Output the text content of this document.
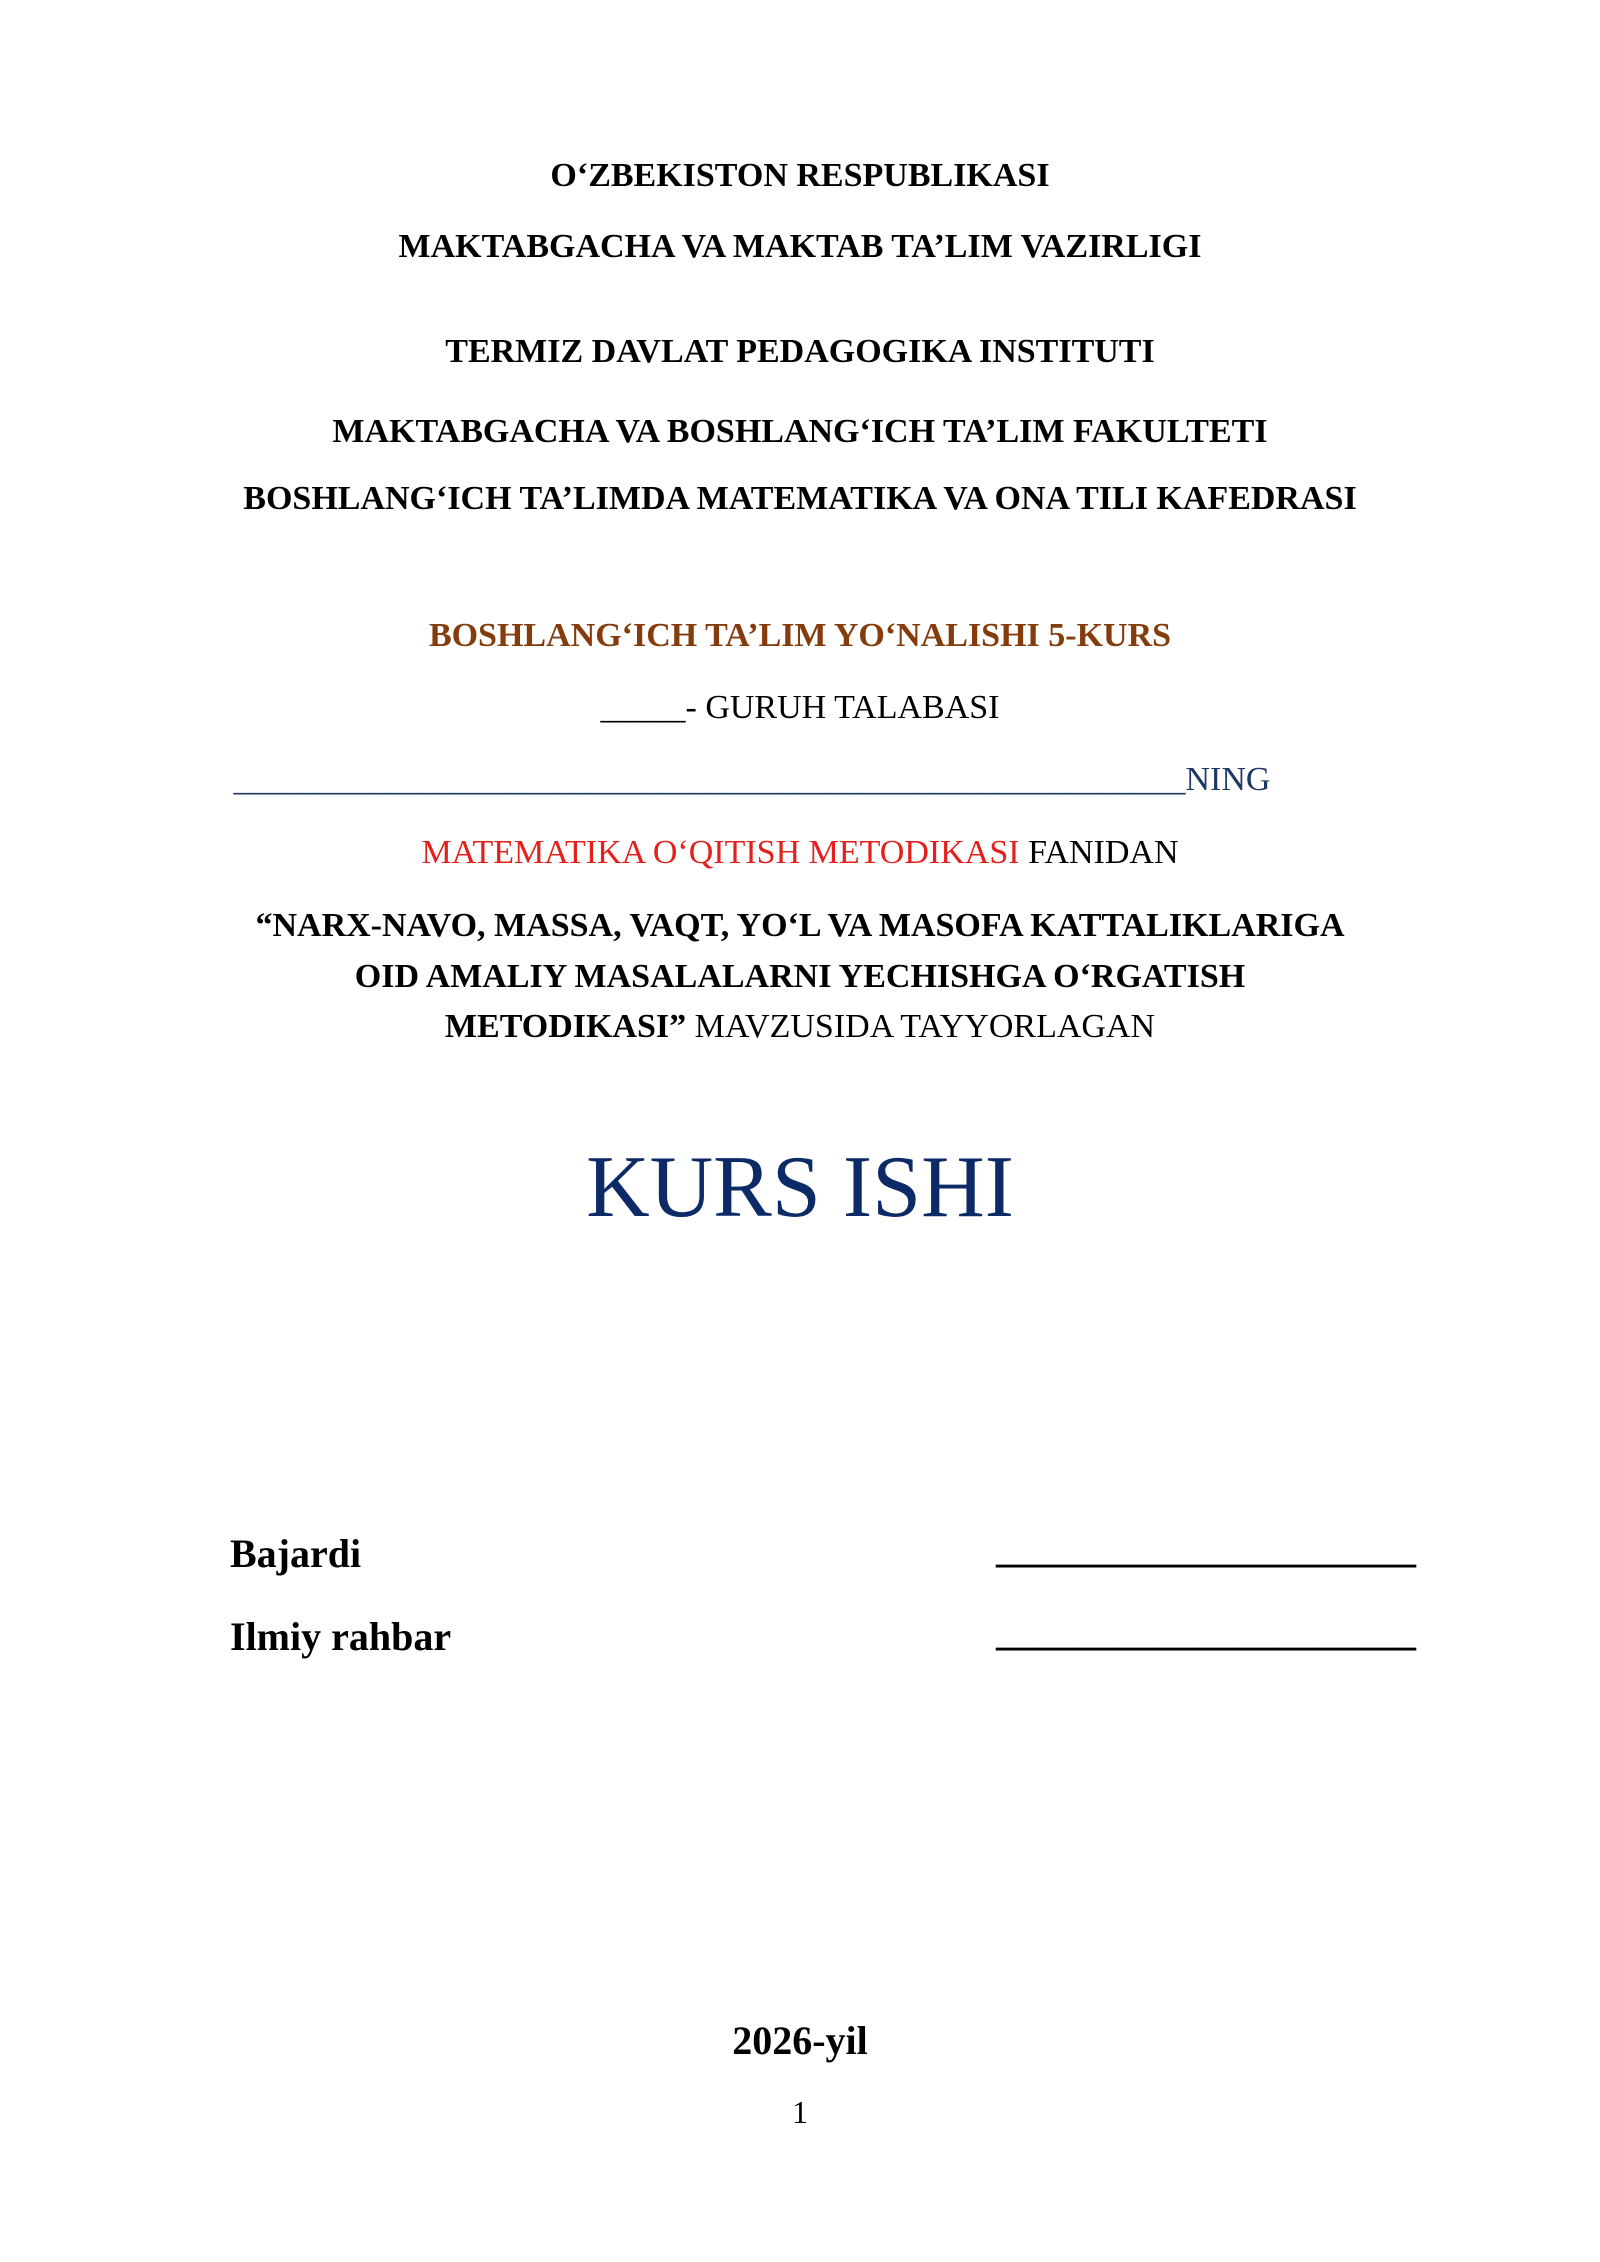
O‘ZBEKISTON RESPUBLIKASI
MAKTABGACHA VA MAKTAB TA’LIM VAZIRLIGI
TERMIZ DAVLAT PEDAGOGIKA INSTITUTI
MAKTABGACHA VA BOSHLANG‘ICH TA’LIM FAKULTETI
BOSHLANG‘ICH TA’LIMDA MATEMATIKA VA ONA TILI KAFEDRASI
BOSHLANG‘ICH TA’LIM YO‘NALISHI 5-KURS
_____- GURUH TALABASI
________________________________________________________NING
MATEMATIKA O‘QITISH METODIKASI FANIDAN
“NARX-NAVO, MASSA, VAQT, YO‘L VA MASOFA KATTALIKLARIGA
OID AMALIY MASALALARNI YECHISHGA O‘RGATISH
METODIKASI” MAVZUSIDA TAYYORLAGAN
KURS ISHI
Bajardi	_____________________
Ilmiy rahbar	_____________________
2026-yil
1
